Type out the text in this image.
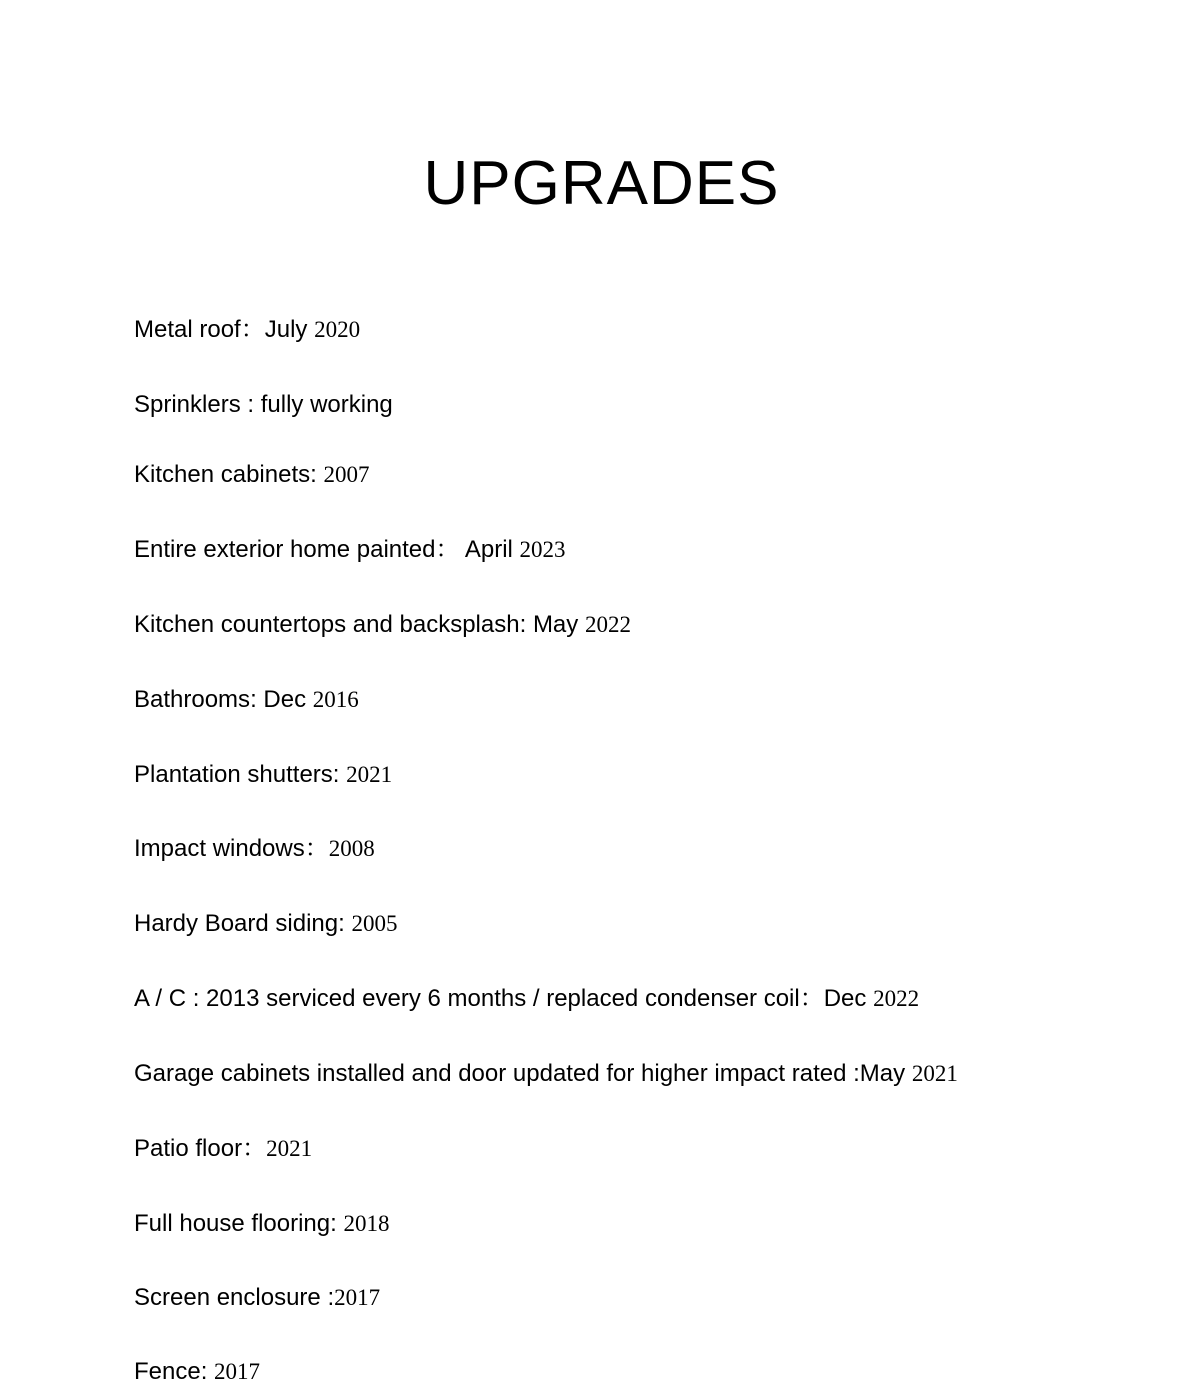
UPGRADES
Metal roof：July 2020
Sprinklers : fully working
Kitchen cabinets: 2007
Entire exterior home painted： April 2023
Kitchen countertops and backsplash: May 2022
Bathrooms: Dec 2016
Plantation shutters: 2021
Impact windows：2008
Hardy Board siding: 2005
A / C : 2013 serviced every 6 months / replaced condenser coil：Dec 2022
Garage cabinets installed and door updated for higher impact rated :May 2021
Patio floor：2021
Full house flooring: 2018
Screen enclosure :2017
Fence: 2017
